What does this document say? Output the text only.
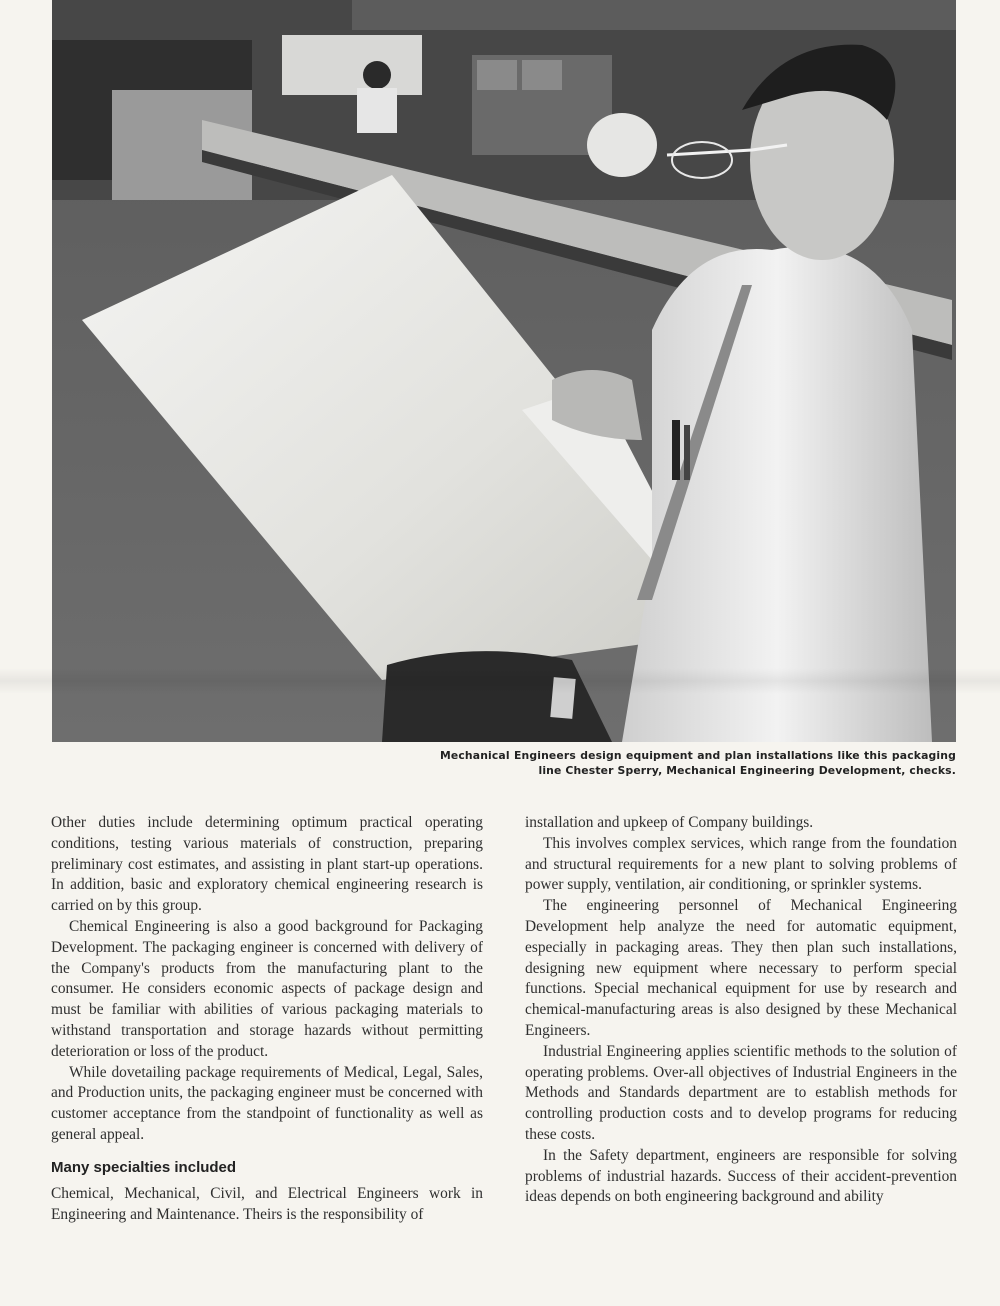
Mechanical Engineers design equipment and plan installations like this packaging line Chester Sperry, Mechanical Engineering Development, checks.

Other duties include determining optimum practical operating conditions, testing various materials of construction, preparing preliminary cost estimates, and assisting in plant start-up operations. In addition, basic and exploratory chemical engineering research is carried on by this group.

Chemical Engineering is also a good background for Packaging Development. The packaging engineer is concerned with delivery of the Company's products from the manufacturing plant to the consumer. He considers economic aspects of package design and must be familiar with abilities of various packaging materials to withstand transportation and storage hazards without permitting deterioration or loss of the product.

While dovetailing package requirements of Medical, Legal, Sales, and Production units, the packaging engineer must be concerned with customer acceptance from the standpoint of functionality as well as general appeal.

Many specialties included

Chemical, Mechanical, Civil, and Electrical Engineers work in Engineering and Maintenance. Theirs is the responsibility of

installation and upkeep of Company buildings.

This involves complex services, which range from the foundation and structural requirements for a new plant to solving problems of power supply, ventilation, air conditioning, or sprinkler systems.

The engineering personnel of Mechanical Engineering Development help analyze the need for automatic equipment, especially in packaging areas. They then plan such installations, designing new equipment where necessary to perform special functions. Special mechanical equipment for use by research and chemical-manufacturing areas is also designed by these Mechanical Engineers.

Industrial Engineering applies scientific methods to the solution of operating problems. Over-all objectives of Industrial Engineers in the Methods and Standards department are to establish methods for controlling production costs and to develop programs for reducing these costs.

In the Safety department, engineers are responsible for solving problems of industrial hazards. Success of their accident-prevention ideas depends on both engineering background and ability
